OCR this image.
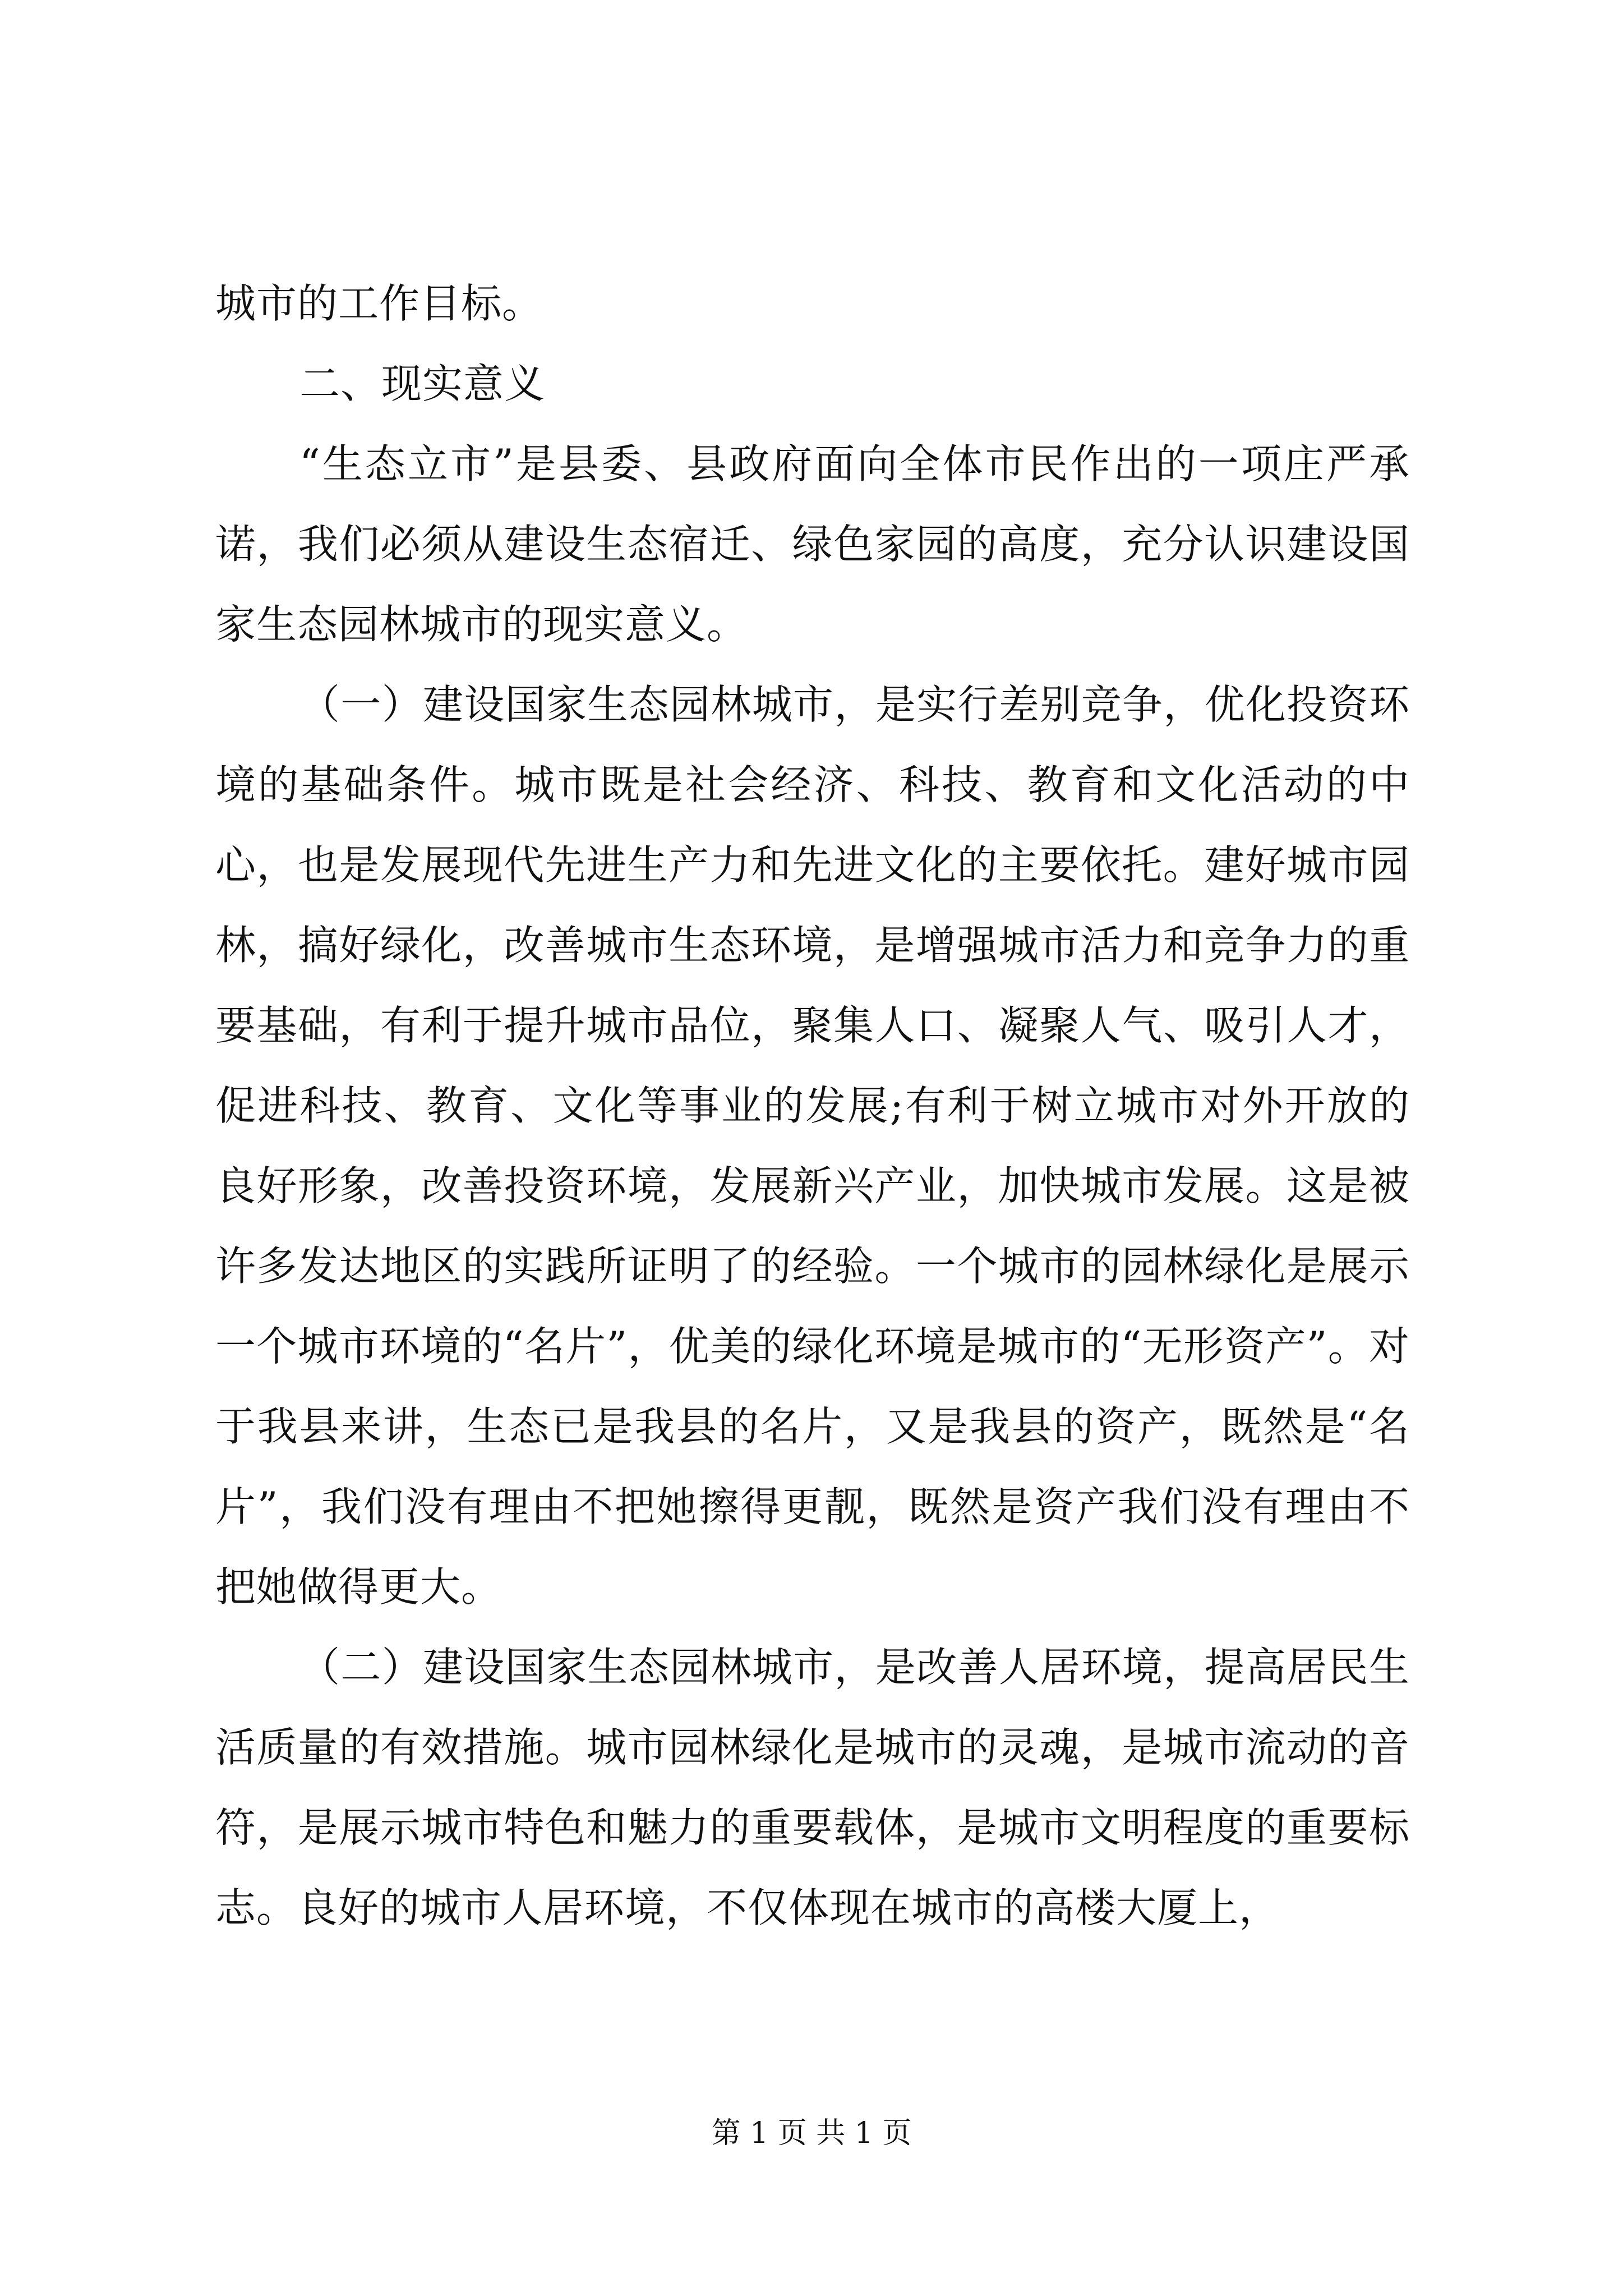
城市的工作目标。

二、现实意义

“生态立市”是县委、县政府面向全体市民作出的一项庄严承诺，我们必须从建设生态宿迁、绿色家园的高度，充分认识建设国家生态园林城市的现实意义。

（一）建设国家生态园林城市，是实行差别竞争，优化投资环境的基础条件。城市既是社会经济、科技、教育和文化活动的中心，也是发展现代先进生产力和先进文化的主要依托。建好城市园林，搞好绿化，改善城市生态环境，是增强城市活力和竞争力的重要基础，有利于提升城市品位，聚集人口、凝聚人气、吸引人才，促进科技、教育、文化等事业的发展;有利于树立城市对外开放的良好形象，改善投资环境，发展新兴产业，加快城市发展。这是被许多发达地区的实践所证明了的经验。一个城市的园林绿化是展示一个城市环境的“名片”，优美的绿化环境是城市的“无形资产”。对于我县来讲，生态已是我县的名片，又是我县的资产，既然是“名片”，我们没有理由不把她擦得更靓，既然是资产我们没有理由不把她做得更大。

（二）建设国家生态园林城市，是改善人居环境，提高居民生活质量的有效措施。城市园林绿化是城市的灵魂，是城市流动的音符，是展示城市特色和魅力的重要载体，是城市文明程度的重要标志。良好的城市人居环境，不仅体现在城市的高楼大厦上，

第 1 页 共 1 页
